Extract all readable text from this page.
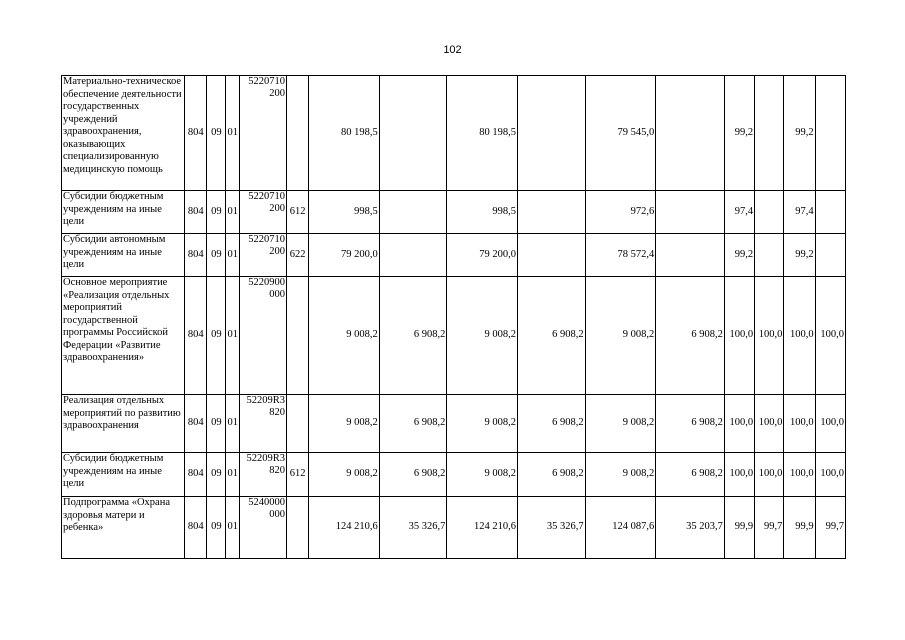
102
Материально-техническое обеспечение деятельности государственных учреждений здравоохранения, оказывающих специализированную медицинскую помощь	804	09	01	5220710 200		80 198,5		80 198,5		79 545,0		99,2		99,2	
Субсидии бюджетным учреждениям на иные цели	804	09	01	5220710 200	612	998,5		998,5		972,6		97,4		97,4	
Субсидии автономным учреждениям на иные цели	804	09	01	5220710 200	622	79 200,0		79 200,0		78 572,4		99,2		99,2	
Основное мероприятие «Реализация отдельных мероприятий государственной программы Российской Федерации «Развитие здравоохранения»	804	09	01	5220900 000		9 008,2	6 908,2	9 008,2	6 908,2	9 008,2	6 908,2	100,0	100,0	100,0	100,0
Реализация отдельных мероприятий по развитию здравоохранения	804	09	01	52209R3 820		9 008,2	6 908,2	9 008,2	6 908,2	9 008,2	6 908,2	100,0	100,0	100,0	100,0
Субсидии бюджетным учреждениям на иные цели	804	09	01	52209R3 820	612	9 008,2	6 908,2	9 008,2	6 908,2	9 008,2	6 908,2	100,0	100,0	100,0	100,0
Подпрограмма «Охрана здоровья матери и ребенка»	804	09	01	5240000 000		124 210,6	35 326,7	124 210,6	35 326,7	124 087,6	35 203,7	99,9	99,7	99,9	99,7
